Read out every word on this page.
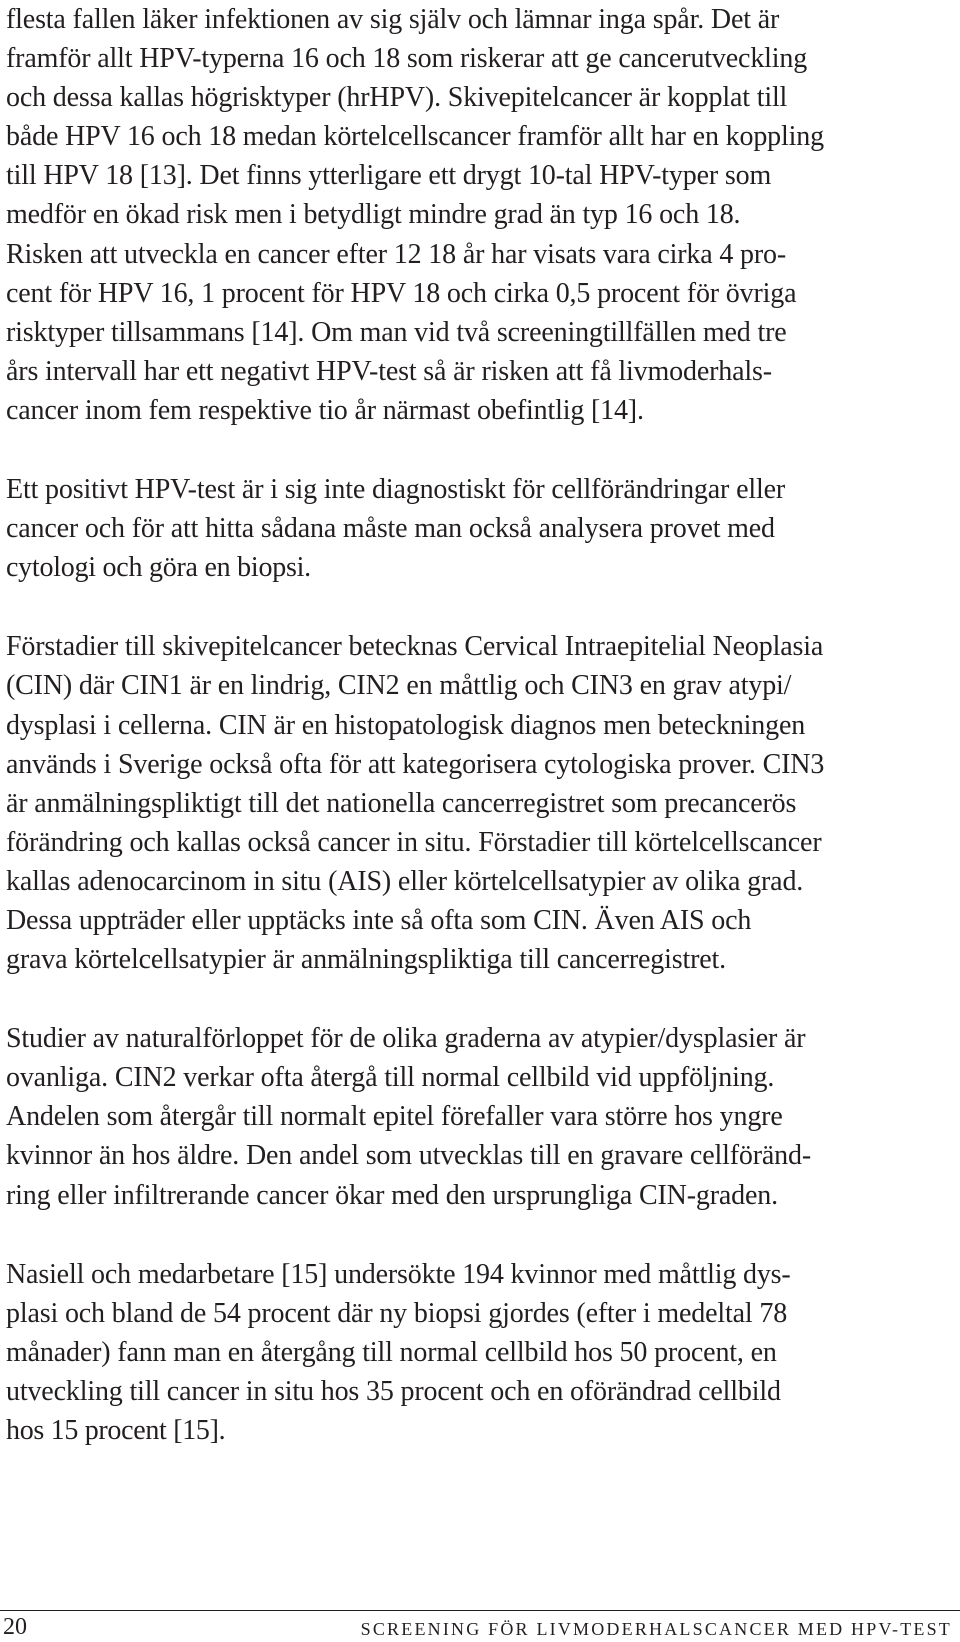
flesta fallen läker infektionen av sig själv och lämnar inga spår. Det är
framför allt HPV-typerna 16 och 18 som riskerar att ge cancerutveckling
och dessa kallas högrisktyper (hrHPV). Skivepitelcancer är kopplat till
både HPV 16 och 18 medan körtelcellscancer framför allt har en koppling
till HPV 18 [13]. Det finns ytterligare ett drygt 10-tal HPV-typer som
medför en ökad risk men i betydligt mindre grad än typ 16 och 18.
Risken att utveckla en cancer efter 12 18 år har visats vara cirka 4 pro-
cent för HPV 16, 1 procent för HPV 18 och cirka 0,5 procent för övriga
risktyper tillsammans [14]. Om man vid två screeningtillfällen med tre
års intervall har ett negativt HPV-test så är risken att få livmoderhals-
cancer inom fem respektive tio år närmast obefintlig [14].
Ett positivt HPV-test är i sig inte diagnostiskt för cellförändringar eller
cancer och för att hitta sådana måste man också analysera provet med
cytologi och göra en biopsi.
Förstadier till skivepitelcancer betecknas Cervical Intraepitelial Neoplasia
(CIN) där CIN1 är en lindrig, CIN2 en måttlig och CIN3 en grav atypi/
dysplasi i cellerna. CIN är en histopatologisk diagnos men beteckningen
används i Sverige också ofta för att kategorisera cytologiska prover. CIN3
är anmälningspliktigt till det nationella cancerregistret som precancerös
förändring och kallas också cancer in situ. Förstadier till körtelcellscancer
kallas adenocarcinom in situ (AIS) eller körtelcellsatypier av olika grad.
Dessa uppträder eller upptäcks inte så ofta som CIN. Även AIS och
grava körtelcellsatypier är anmälningspliktiga till cancerregistret.
Studier av naturalförloppet för de olika graderna av atypier/dysplasier är
ovanliga. CIN2 verkar ofta återgå till normal cellbild vid uppföljning.
Andelen som återgår till normalt epitel förefaller vara större hos yngre
kvinnor än hos äldre. Den andel som utvecklas till en gravare cellföränd-
ring eller infiltrerande cancer ökar med den ursprungliga CIN-graden.
Nasiell och medarbetare [15] undersökte 194 kvinnor med måttlig dys-
plasi och bland de 54 procent där ny biopsi gjordes (efter i medeltal 78
månader) fann man en återgång till normal cellbild hos 50 procent, en
utveckling till cancer in situ hos 35 procent och en oförändrad cellbild
hos 15 procent [15].
20	SCREENING FÖR LIVMODERHALSCANCER MED HPV-TEST
